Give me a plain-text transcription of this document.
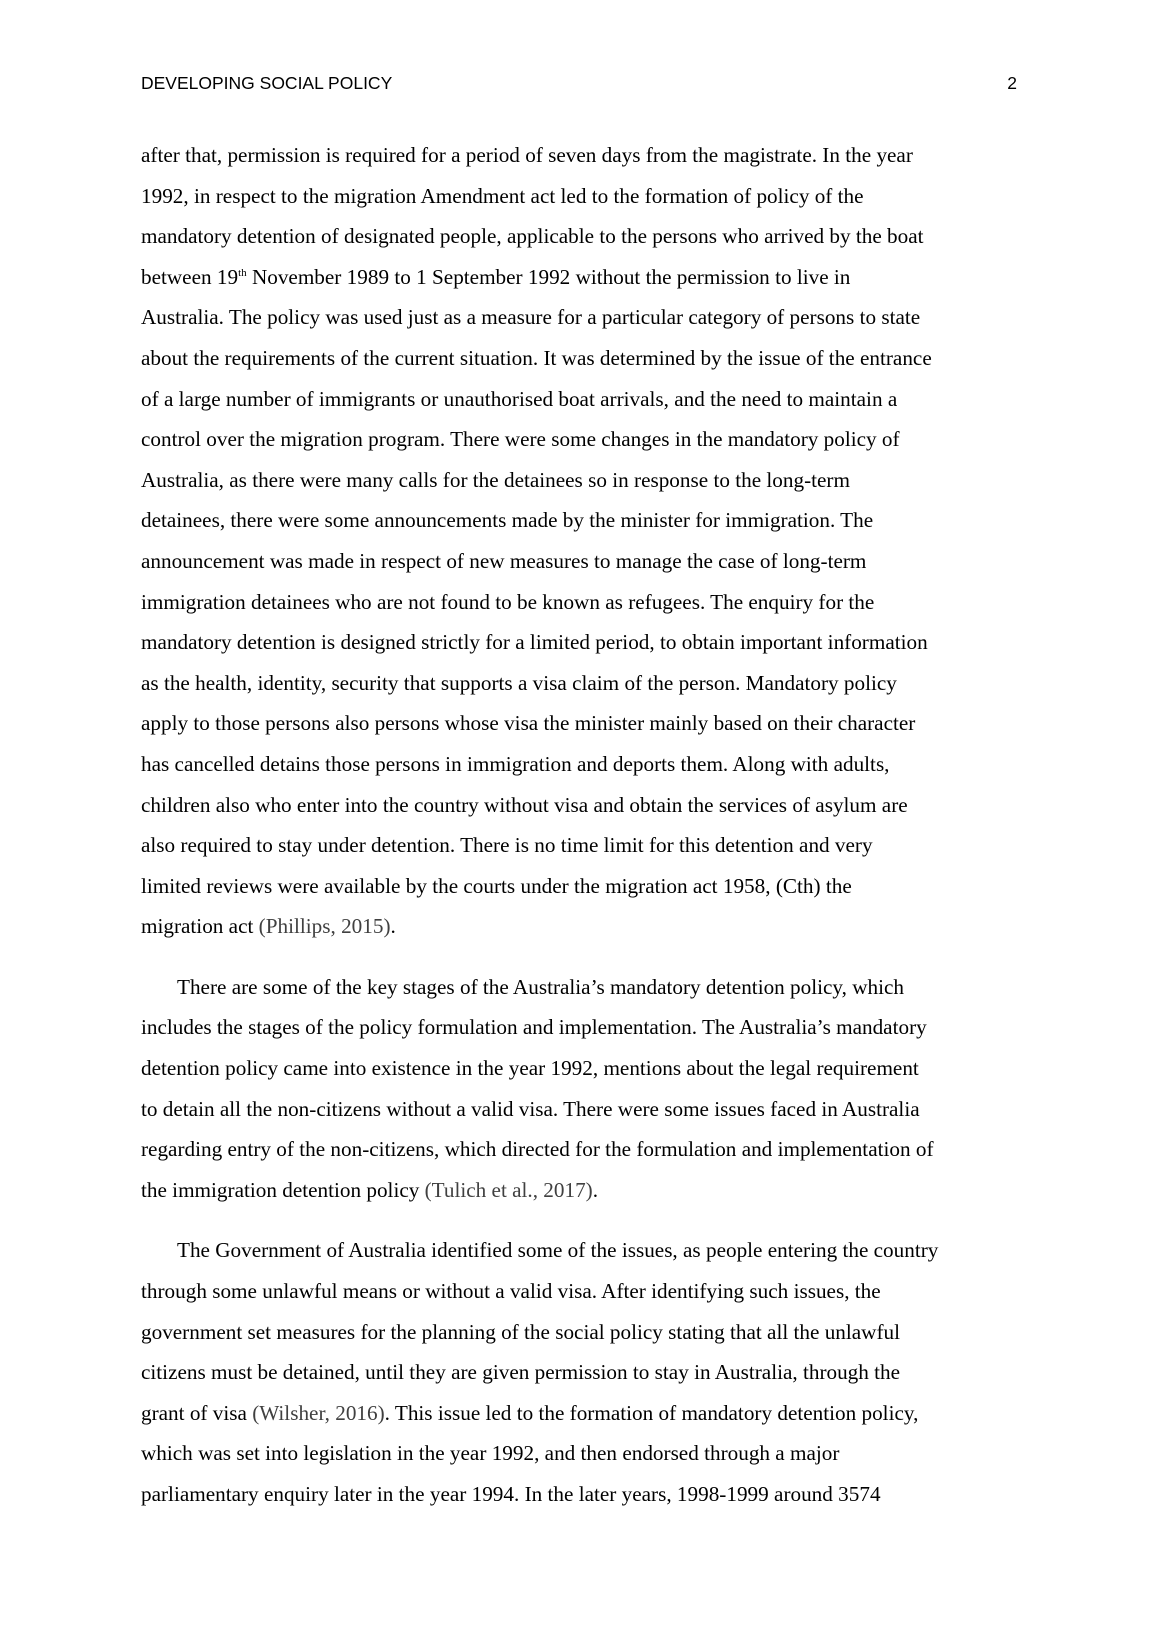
DEVELOPING SOCIAL POLICY	2
after that, permission is required for a period of seven days from the magistrate. In the year
1992, in respect to the migration Amendment act led to the formation of policy of the
mandatory detention of designated people, applicable to the persons who arrived by the boat
between 19th November 1989 to 1 September 1992 without the permission to live in
Australia. The policy was used just as a measure for a particular category of persons to state
about the requirements of the current situation. It was determined by the issue of the entrance
of a large number of immigrants or unauthorised boat arrivals, and the need to maintain a
control over the migration program. There were some changes in the mandatory policy of
Australia, as there were many calls for the detainees so in response to the long-term
detainees, there were some announcements made by the minister for immigration. The
announcement was made in respect of new measures to manage the case of long-term
immigration detainees who are not found to be known as refugees. The enquiry for the
mandatory detention is designed strictly for a limited period, to obtain important information
as the health, identity, security that supports a visa claim of the person. Mandatory policy
apply to those persons also persons whose visa the minister mainly based on their character
has cancelled detains those persons in immigration and deports them. Along with adults,
children also who enter into the country without visa and obtain the services of asylum are
also required to stay under detention. There is no time limit for this detention and very
limited reviews were available by the courts under the migration act 1958, (Cth) the
migration act (Phillips, 2015).
There are some of the key stages of the Australia’s mandatory detention policy, which
includes the stages of the policy formulation and implementation. The Australia’s mandatory
detention policy came into existence in the year 1992, mentions about the legal requirement
to detain all the non-citizens without a valid visa. There were some issues faced in Australia
regarding entry of the non-citizens, which directed for the formulation and implementation of
the immigration detention policy (Tulich et al., 2017).
The Government of Australia identified some of the issues, as people entering the country
through some unlawful means or without a valid visa. After identifying such issues, the
government set measures for the planning of the social policy stating that all the unlawful
citizens must be detained, until they are given permission to stay in Australia, through the
grant of visa (Wilsher, 2016). This issue led to the formation of mandatory detention policy,
which was set into legislation in the year 1992, and then endorsed through a major
parliamentary enquiry later in the year 1994. In the later years, 1998-1999 around 3574
